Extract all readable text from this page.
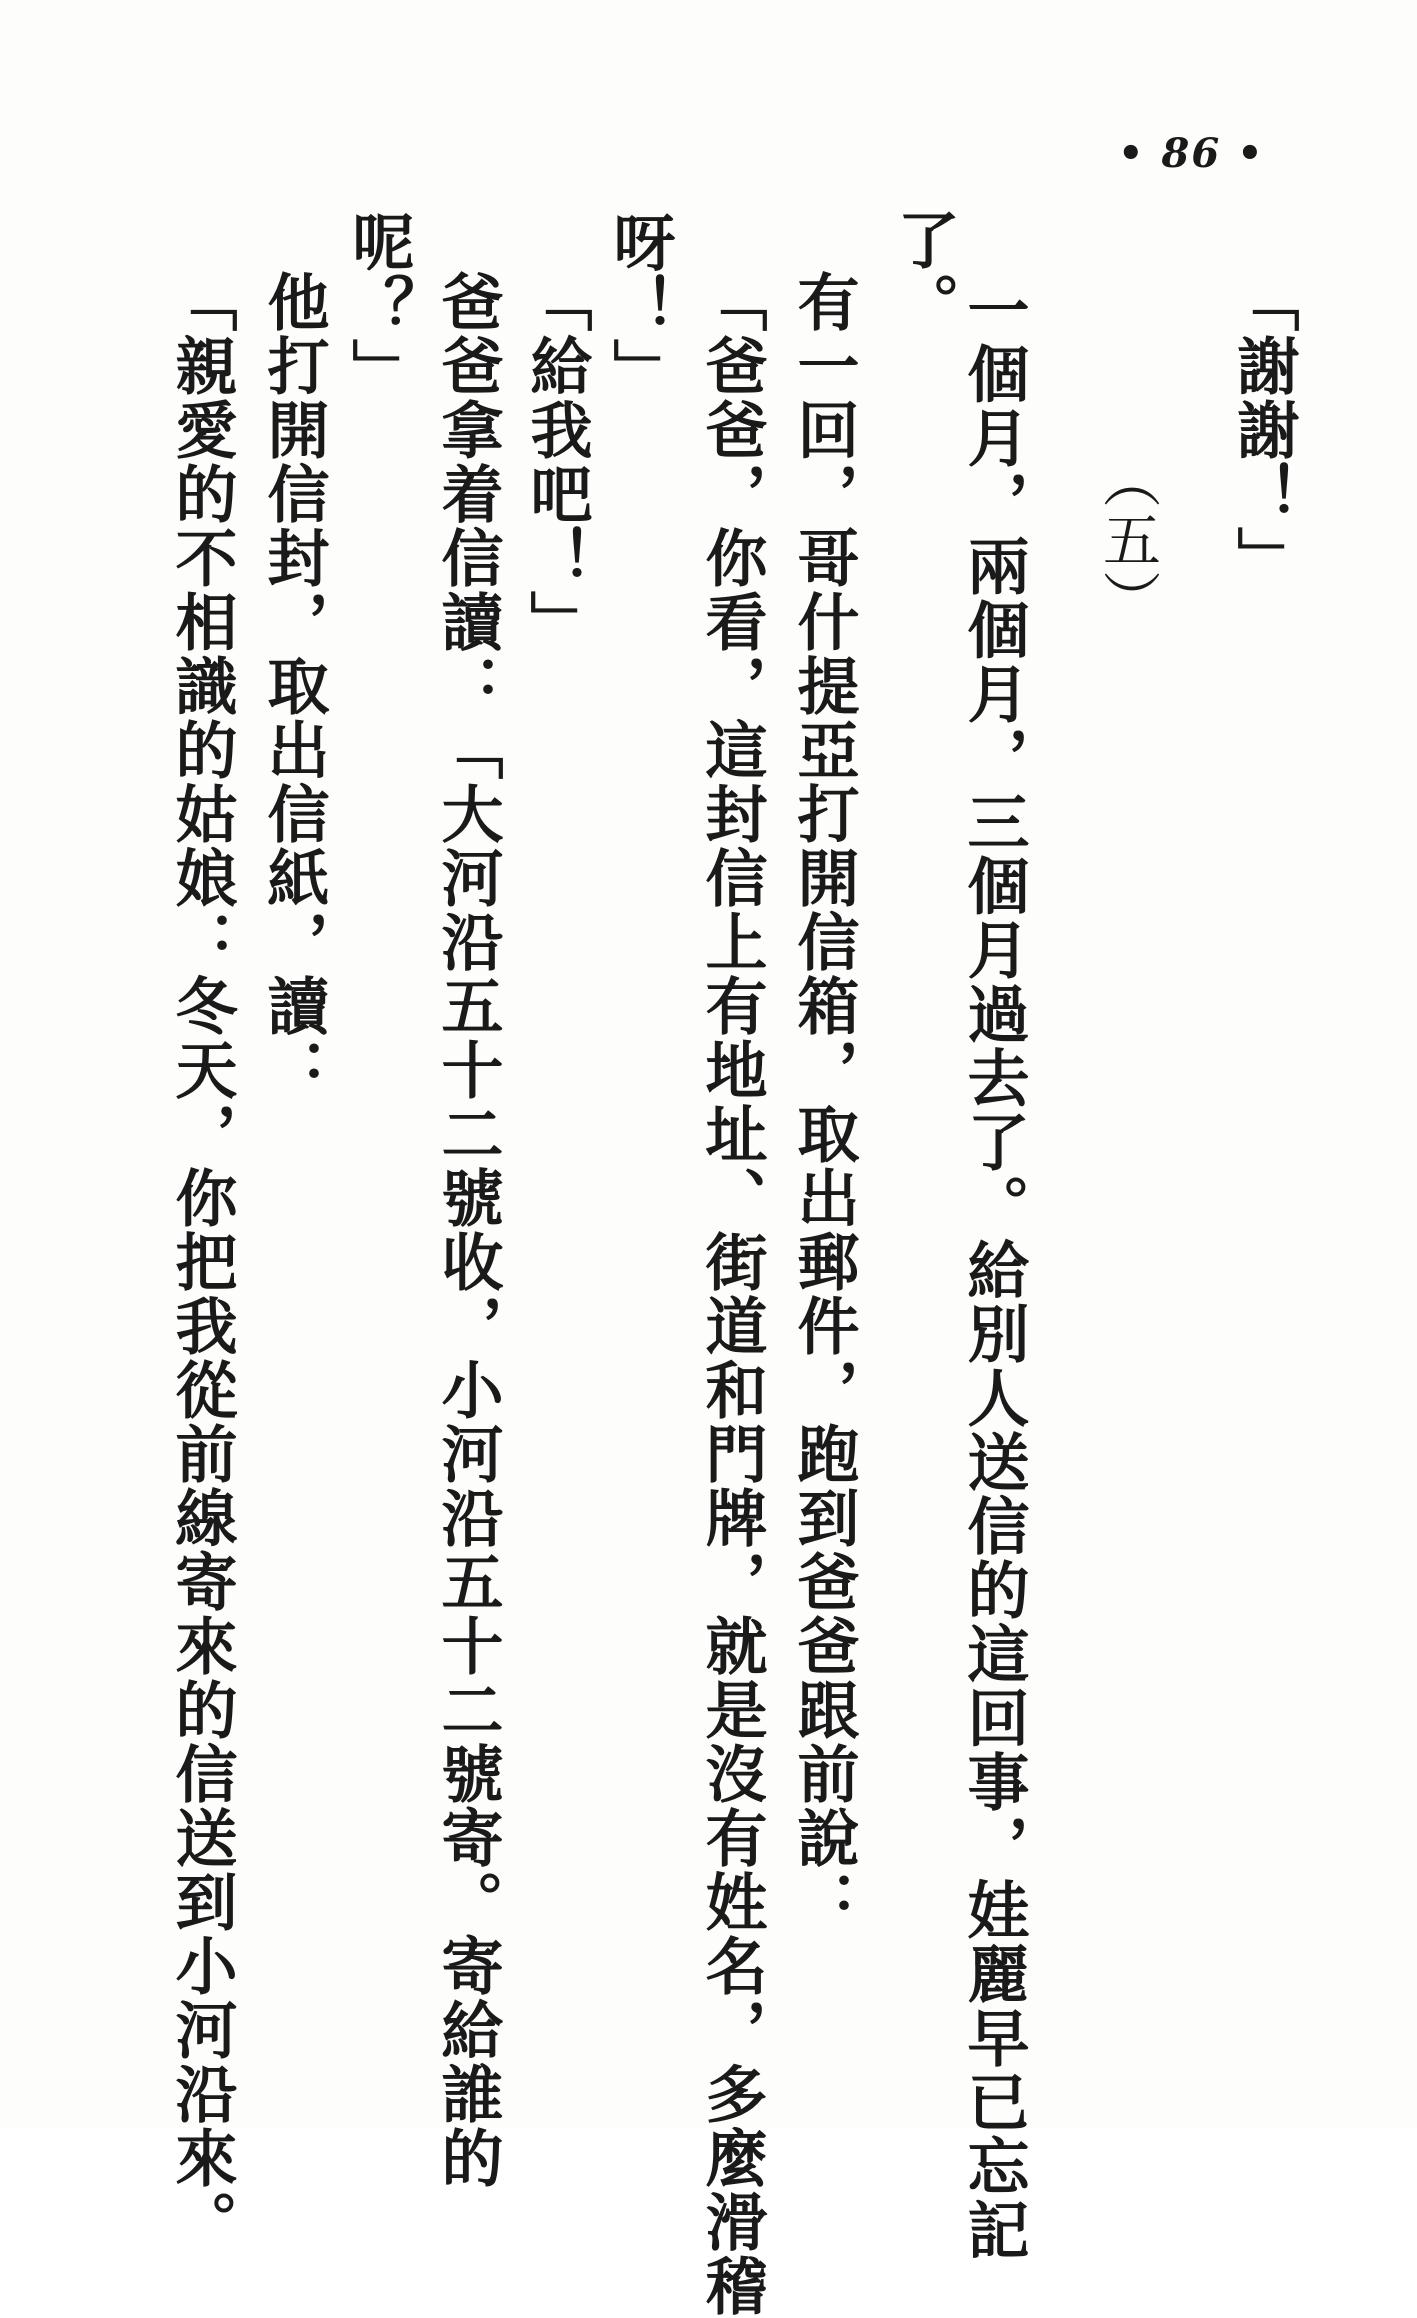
• 86 •
「謝謝！」
（五）
了。
一個月，兩個月，三個月過去了。給別人送信的這回事，娃麗早已忘記
有一回，哥什提亞打開信箱，取出郵件，跑到爸爸跟前說：
「爸爸，你看，這封信上有地址、街道和門牌，就是沒有姓名，多麼滑稽
呀！」
「給我吧！」
爸爸拿着信讀：「大河沿五十二號收，小河沿五十二號寄。寄給誰的
呢？」
他打開信封，取出信紙，讀：
「親愛的不相識的姑娘：冬天，你把我從前線寄來的信送到小河沿來。
